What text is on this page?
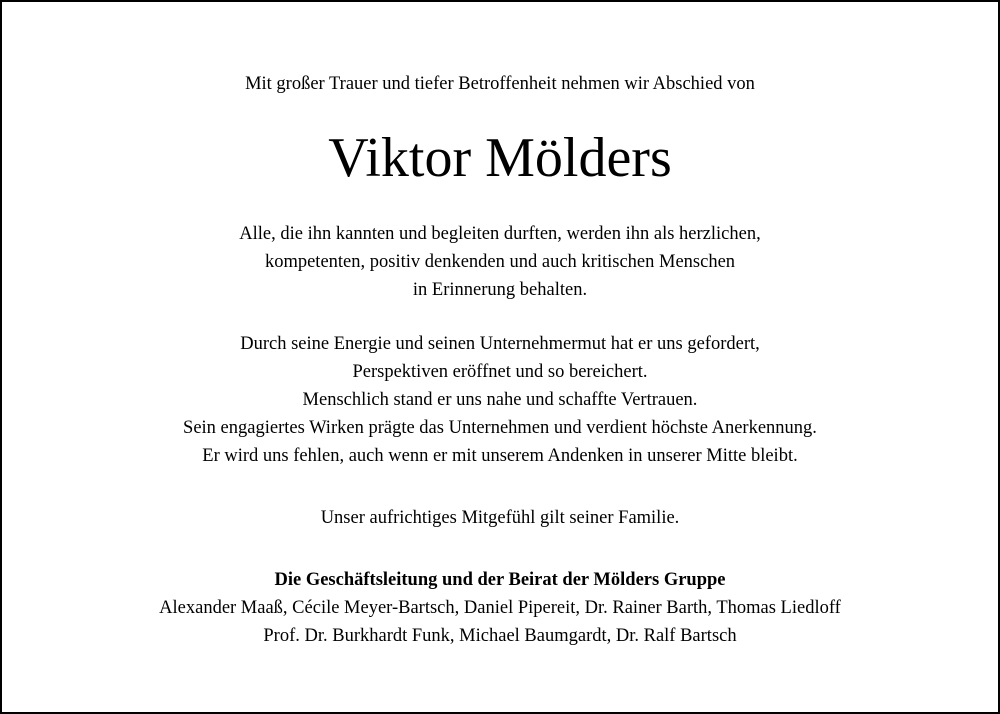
Mit großer Trauer und tiefer Betroffenheit nehmen wir Abschied von

Viktor Mölders

Alle, die ihn kannten und begleiten durften, werden ihn als herzlichen,

kompetenten, positiv denkenden und auch kritischen Menschen

in Erinnerung behalten.

Durch seine Energie und seinen Unternehmermut hat er uns gefordert,

Perspektiven eröffnet und so bereichert.

Menschlich stand er uns nahe und schaffte Vertrauen.

Sein engagiertes Wirken prägte das Unternehmen und verdient höchste Anerkennung.

Er wird uns fehlen, auch wenn er mit unserem Andenken in unserer Mitte bleibt.

Unser aufrichtiges Mitgefühl gilt seiner Familie.

Die Geschäftsleitung und der Beirat der Mölders Gruppe

Alexander Maaß, Cécile Meyer-Bartsch, Daniel Pipereit, Dr. Rainer Barth, Thomas Liedloff

Prof. Dr. Burkhardt Funk, Michael Baumgardt, Dr. Ralf Bartsch
